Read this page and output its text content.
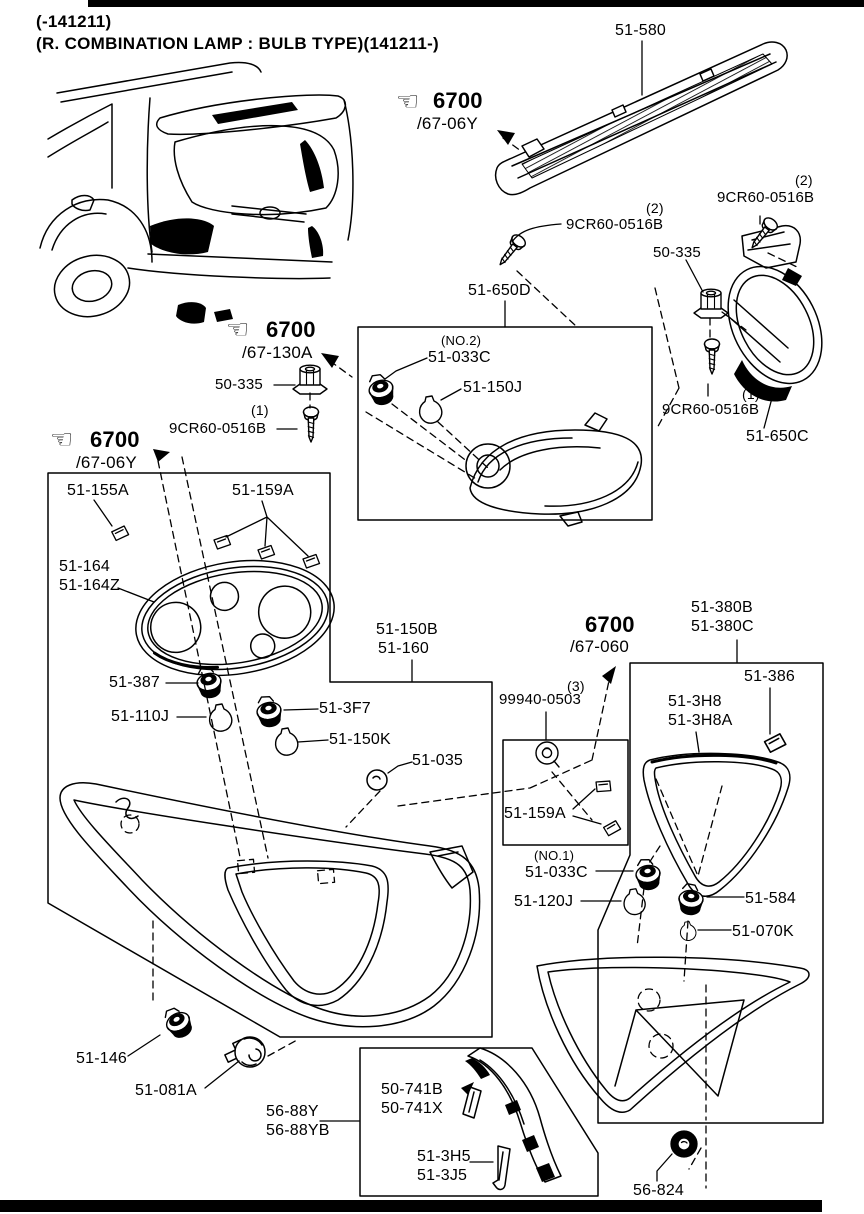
(-141211)
(R. COMBINATION LAMP : BULB TYPE)(141211-)
51-580
☜ 6700
/67-06Y
(2)
9CR60-0516B
(2)
9CR60-0516B
50-335
(1)
9CR60-0516B
51-650C
51-650D
(NO.2)
51-033C
51-150J
☜ 6700
/67-130A
50-335
(1)
9CR60-0516B
☜ 6700
/67-06Y
51-155A	51-159A
51-164
51-164Z
51-150B
51-160
51-387
51-110J	51-3F7
51-150K
51-035
(3)
99940-0503
6700
/67-060
51-380B
51-380C
51-386
51-3H8
51-3H8A
51-159A
(NO.1)
51-033C
51-120J	51-584
51-070K
51-146
51-081A
56-88Y
56-88YB
50-741B
50-741X
51-3H5
51-3J5
56-824
